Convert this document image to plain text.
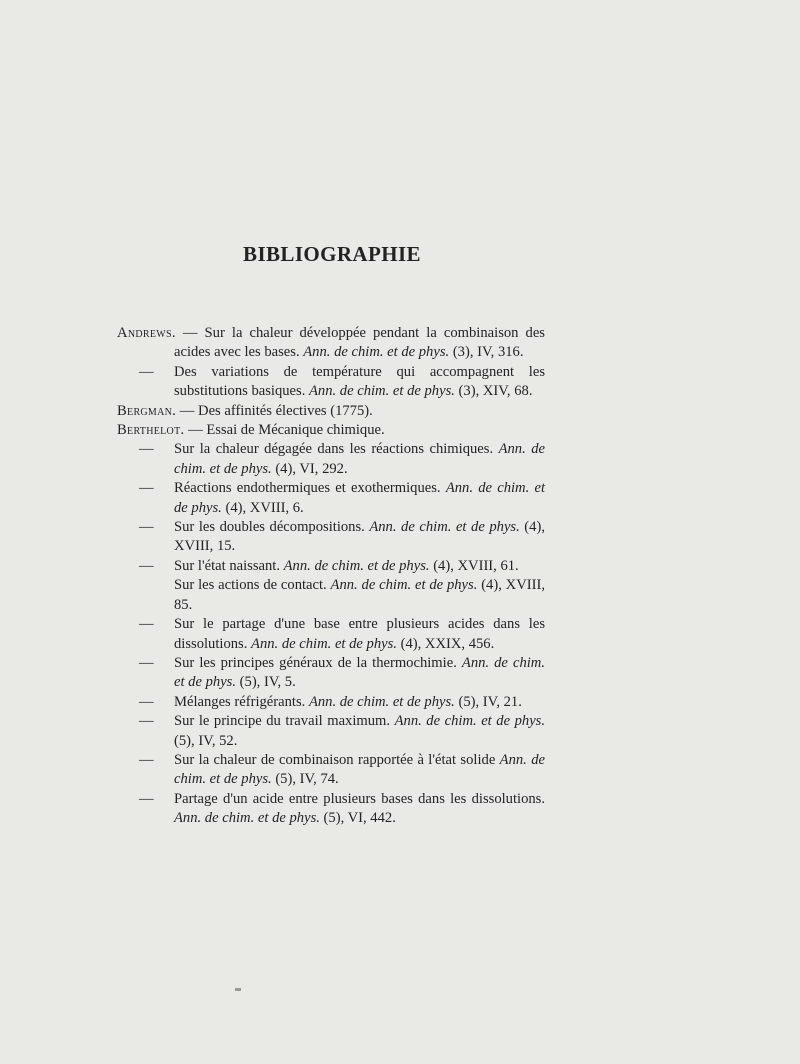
BIBLIOGRAPHIE
Andrews. — Sur la chaleur développée pendant la combinaison des acides avec les bases. Ann. de chim. et de phys. (3), IV, 316.
—	Des variations de température qui accompagnent les substitutions basiques. Ann. de chim. et de phys. (3), XIV, 68.
Bergman. — Des affinités électives (1775).
Berthelot. — Essai de Mécanique chimique.
—	Sur la chaleur dégagée dans les réactions chimiques. Ann. de chim. et de phys. (4), VI, 292.
—	Réactions endothermiques et exothermiques. Ann. de chim. et de phys. (4), XVIII, 6.
—	Sur les doubles décompositions. Ann. de chim. et de phys. (4), XVIII, 15.
—	Sur l'état naissant. Ann. de chim. et de phys. (4), XVIII, 61.
Sur les actions de contact. Ann. de chim. et de phys. (4), XVIII, 85.
—	Sur le partage d'une base entre plusieurs acides dans les dissolutions. Ann. de chim. et de phys. (4), XXIX, 456.
—	Sur les principes généraux de la thermochimie. Ann. de chim. et de phys. (5), IV, 5.
—	Mélanges réfrigérants. Ann. de chim. et de phys. (5), IV, 21.
—	Sur le principe du travail maximum. Ann. de chim. et de phys. (5), IV, 52.
—	Sur la chaleur de combinaison rapportée à l'état solide Ann. de chim. et de phys. (5), IV, 74.
—	Partage d'un acide entre plusieurs bases dans les dissolutions. Ann. de chim. et de phys. (5), VI, 442.
